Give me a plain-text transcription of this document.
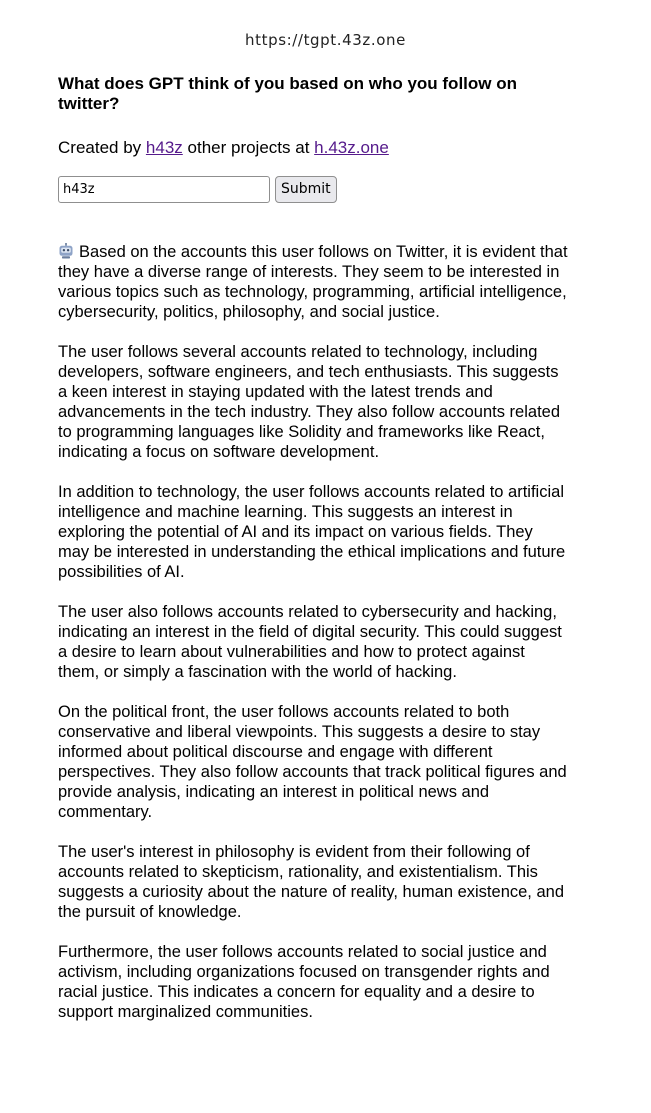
https://tgpt.43z.one
What does GPT think of you based on who you follow on twitter?

Created by h43z other projects at h.43z.one

h43z
Submit

Based on the accounts this user follows on Twitter, it is evident that they have a diverse range of interests. They seem to be interested in various topics such as technology, programming, artificial intelligence, cybersecurity, politics, philosophy, and social justice.

The user follows several accounts related to technology, including developers, software engineers, and tech enthusiasts. This suggests a keen interest in staying updated with the latest trends and advancements in the tech industry. They also follow accounts related to programming languages like Solidity and frameworks like React, indicating a focus on software development.

In addition to technology, the user follows accounts related to artificial intelligence and machine learning. This suggests an interest in exploring the potential of AI and its impact on various fields. They may be interested in understanding the ethical implications and future possibilities of AI.

The user also follows accounts related to cybersecurity and hacking, indicating an interest in the field of digital security. This could suggest a desire to learn about vulnerabilities and how to protect against them, or simply a fascination with the world of hacking.

On the political front, the user follows accounts related to both conservative and liberal viewpoints. This suggests a desire to stay informed about political discourse and engage with different perspectives. They also follow accounts that track political figures and provide analysis, indicating an interest in political news and commentary.

The user's interest in philosophy is evident from their following of accounts related to skepticism, rationality, and existentialism. This suggests a curiosity about the nature of reality, human existence, and the pursuit of knowledge.

Furthermore, the user follows accounts related to social justice and activism, including organizations focused on transgender rights and racial justice. This indicates a concern for equality and a desire to support marginalized communities.
